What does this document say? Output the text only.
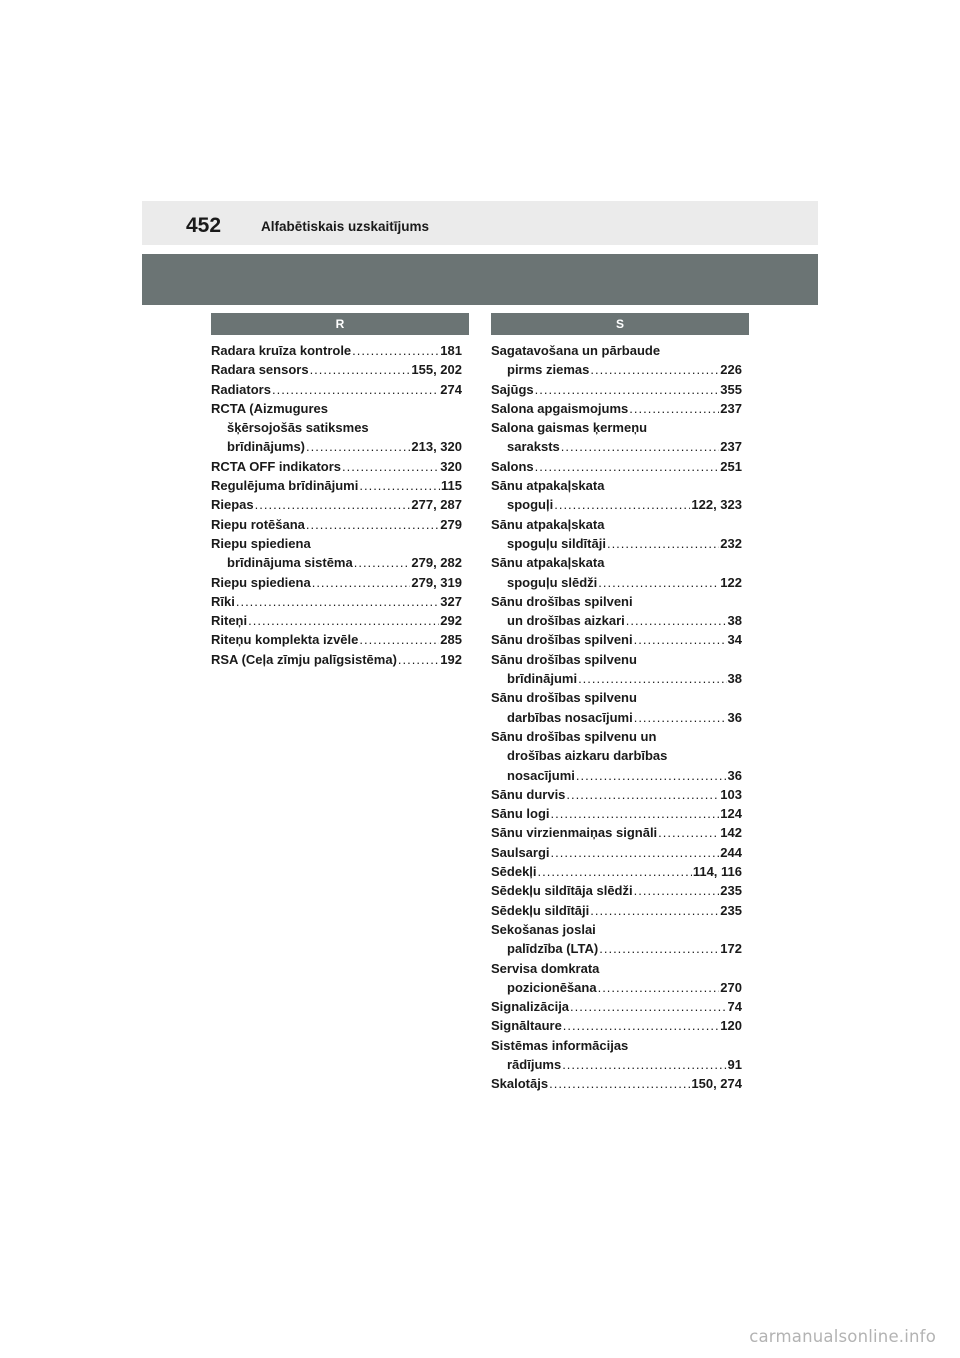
452	Alfabētiskais uzskaitījums
R	S
Radara kruīza kontrole .....	181
Radara sensors .....	155, 202
Radiators .....	274
RCTA (Aizmugures
šķērsojošās satiksmes
brīdinājums) .....	213, 320
RCTA OFF indikators .....	320
Regulējuma brīdinājumi .....	115
Riepas .....	277, 287
Riepu rotēšana .....	279
Riepu spiediena
brīdinājuma sistēma .....	279, 282
Riepu spiediena .....	279, 319
Rīki .....	327
Riteņi .....	292
Riteņu komplekta izvēle .....	285
RSA (Ceļa zīmju palīgsistēma) .....	192
Sagatavošana un pārbaude
pirms ziemas .....	226
Sajūgs .....	355
Salona apgaismojums .....	237
Salona gaismas ķermeņu
saraksts .....	237
Salons .....	251
Sānu atpakaļskata
spoguļi .....	122, 323
Sānu atpakaļskata
spoguļu sildītāji .....	232
Sānu atpakaļskata
spoguļu slēdži .....	122
Sānu drošības spilveni
un drošības aizkari .....	38
Sānu drošības spilveni .....	34
Sānu drošības spilvenu
brīdinājumi .....	38
Sānu drošības spilvenu
darbības nosacījumi .....	36
Sānu drošības spilvenu un
drošības aizkaru darbības
nosacījumi .....	36
Sānu durvis .....	103
Sānu logi .....	124
Sānu virzienmaiņas signāli .....	142
Saulsargi .....	244
Sēdekļi .....	114, 116
Sēdekļu sildītāja slēdži .....	235
Sēdekļu sildītāji .....	235
Sekošanas joslai
palīdzība (LTA) .....	172
Servisa domkrata
pozicionēšana .....	270
Signalizācija .....	74
Signāltaure .....	120
Sistēmas informācijas
rādījums .....	91
Skalotājs .....	150, 274
carmanualsonline.info
